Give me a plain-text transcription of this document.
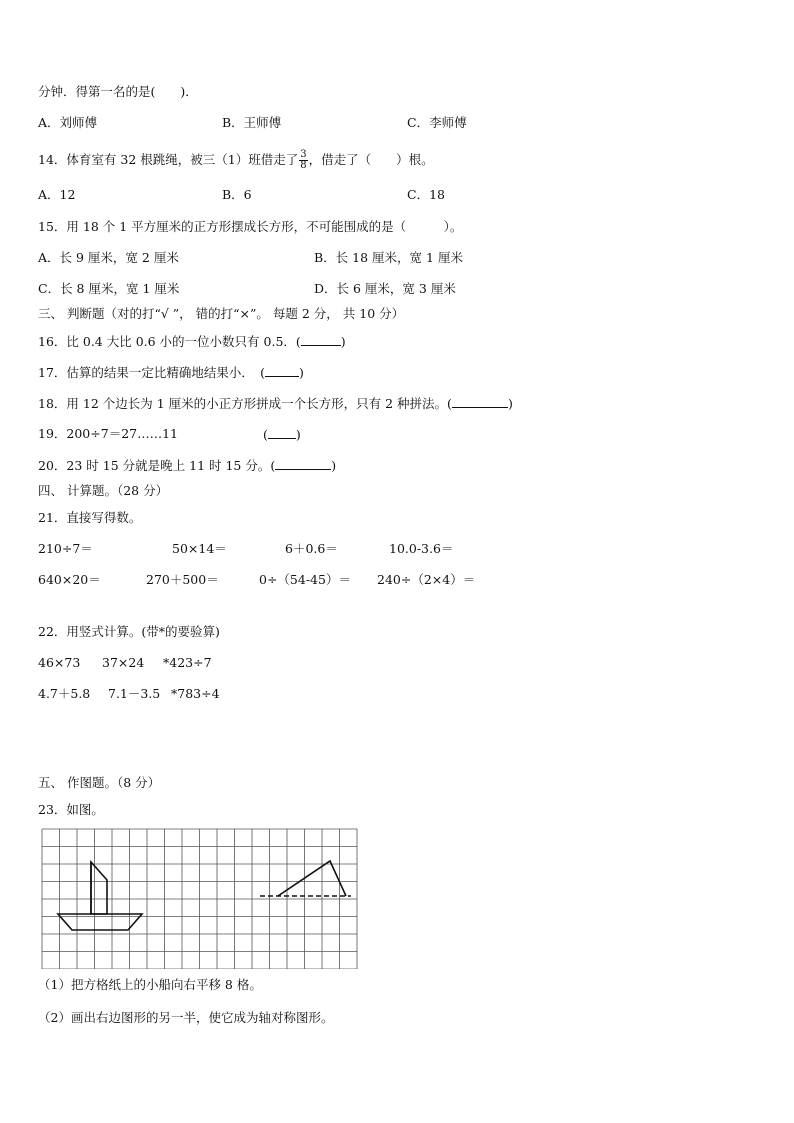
分钟．得第一名的是(　　)．
A．刘师傅	B．王师傅	C．李师傅
14．体育室有 32 根跳绳，被三（1）班借走了 $\frac{3}{8}$ ，借走了（　　）根。
A．12	B．6	C．18
15．用 18 个 1 平方厘米的正方形摆成长方形，不可能围成的是（　　　）。
A．长 9 厘米，宽 2 厘米	B．长 18 厘米，宽 1 厘米
C．长 8 厘米，宽 1 厘米	D．长 6 厘米，宽 3 厘米
三、 判断题（对的打“√ ”， 错的打“×”。 每题 2 分， 共 10 分）
16．比 0.4 大比 0.6 小的一位小数只有 0.5．(	)
17．估算的结果一定比精确地结果小．　(	)
18．用 12 个边长为 1 厘米的小正方形拼成一个长方形，只有 2 种拼法。(	)
19．200÷7＝27……11	( )
20．23 时 15 分就是晚上 11 时 15 分。(	)
四、 计算题。（28 分）
21．直接写得数。
210÷7＝	50×14＝	6＋0.6＝	10.0-3.6＝
640×20＝	270＋500＝	0÷（54-45）＝ 240÷（2×4）＝
22．用竖式计算。(带*的要验算)
46×73 37×24 *423÷7
4.7＋5.8 7.1－3.5 *783÷4
五、 作图题。（8 分）
23．如图。
（1）把方格纸上的小船向右平移 8 格。
（2）画出右边图形的另一半，使它成为轴对称图形。
